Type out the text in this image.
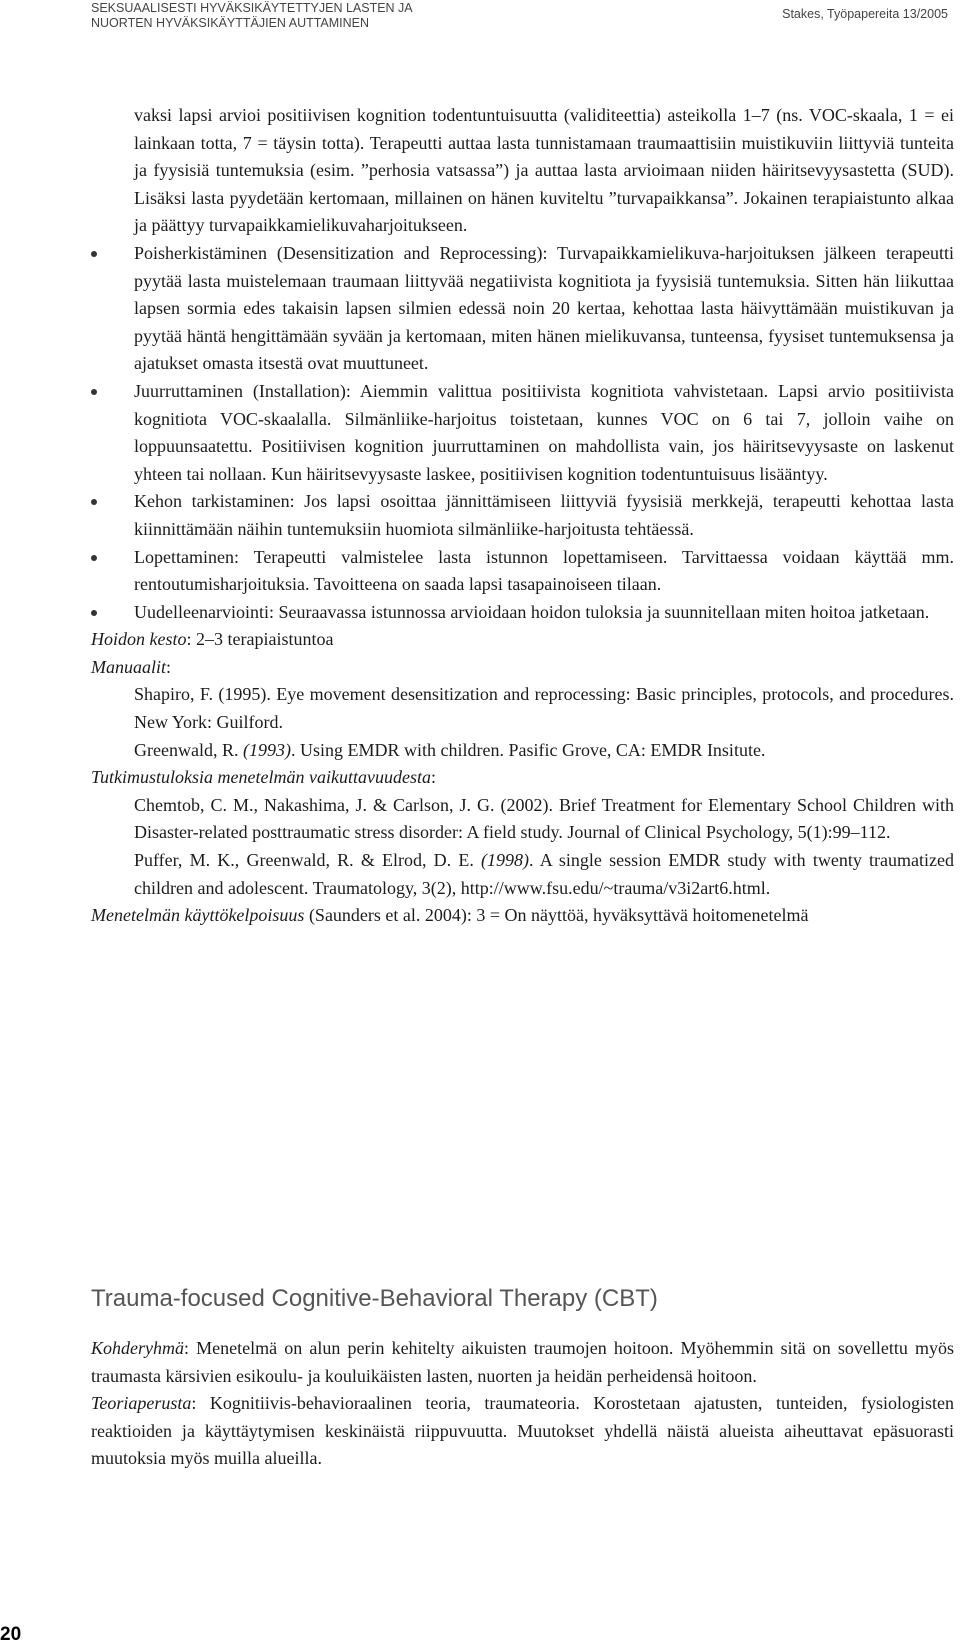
SEKSUAALISESTI HYVÄKSIKÄYTETTYJEN LASTEN JA
NUORTEN HYVÄKSIKÄYTTÄJIEN AUTTAMINEN
Stakes, Työpapereita 13/2005

vaksi lapsi arvioi positiivisen kognition todentuntuisuutta (validiteettia) asteikolla 1–7 (ns. VOC-skaala, 1 = ei lainkaan totta, 7 = täysin totta). Terapeutti auttaa lasta tunnistamaan traumaattisiin muistikuviin liittyviä tunteita ja fyysisiä tuntemuksia (esim. ”perhosia vatsassa”) ja auttaa lasta arvioimaan niiden häiritsevyysastetta (SUD). Lisäksi lasta pyydetään kertomaan, millainen on hänen kuviteltu ”turvapaikkansa”. Jokainen terapiaistunto alkaa ja päättyy turvapaikkamielikuvaharjoitukseen.

Poisherkistäminen (Desensitization and Reprocessing): Turvapaikkamielikuva-harjoituksen jälkeen terapeutti pyytää lasta muistelemaan traumaan liittyvää negatiivista kognitiota ja fyysisiä tuntemuksia. Sitten hän liikuttaa lapsen sormia edes takaisin lapsen silmien edessä noin 20 kertaa, kehottaa lasta häivyttämään muistikuvan ja pyytää häntä hengittämään syvään ja kertomaan, miten hänen mielikuvansa, tunteensa, fyysiset tuntemuksensa ja ajatukset omasta itsestä ovat muuttuneet.
Juurruttaminen (Installation): Aiemmin valittua positiivista kognitiota vahvistetaan. Lapsi arvio positiivista kognitiota VOC-skaalalla. Silmänliike-harjoitus toistetaan, kunnes VOC on 6 tai 7, jolloin vaihe on loppuunsaatettu. Positiivisen kognition juurruttaminen on mahdollista vain, jos häiritsevyysaste on laskenut yhteen tai nollaan. Kun häiritsevyysaste laskee, positiivisen kognition todentuntuisuus lisääntyy.
Kehon tarkistaminen: Jos lapsi osoittaa jännittämiseen liittyviä fyysisiä merkkejä, terapeutti kehottaa lasta kiinnittämään näihin tuntemuksiin huomiota silmänliike-harjoitusta tehtäessä.
Lopettaminen: Terapeutti valmistelee lasta istunnon lopettamiseen. Tarvittaessa voidaan käyttää mm. rentoutumisharjoituksia. Tavoitteena on saada lapsi tasapainoiseen tilaan.
Uudelleenarviointi: Seuraavassa istunnossa arvioidaan hoidon tuloksia ja suunnitellaan miten hoitoa jatketaan.

Hoidon kesto: 2–3 terapiaistuntoa

Manuaalit:

Shapiro, F. (1995). Eye movement desensitization and reprocessing: Basic principles, protocols, and procedures. New York: Guilford.

Greenwald, R. (1993). Using EMDR with children. Pasific Grove, CA: EMDR Insitute.

Tutkimustuloksia menetelmän vaikuttavuudesta:

Chemtob, C. M., Nakashima, J. & Carlson, J. G. (2002). Brief Treatment for Elementary School Children with Disaster-related posttraumatic stress disorder: A field study. Journal of Clinical Psychology, 5(1):99–112.

Puffer, M. K., Greenwald, R. & Elrod, D. E. (1998). A single session EMDR study with twenty traumatized children and adolescent. Traumatology, 3(2), http://www.fsu.edu/~trauma/v3i2art6.html.

Menetelmän käyttökelpoisuus (Saunders et al. 2004): 3 = On näyttöä, hyväksyttävä hoitomenetelmä

Trauma-focused Cognitive-Behavioral Therapy (CBT)

Kohderyhmä: Menetelmä on alun perin kehitelty aikuisten traumojen hoitoon. Myöhemmin sitä on sovellettu myös traumasta kärsivien esikoulu- ja kouluikäisten lasten, nuorten ja heidän perheidensä hoitoon.

Teoriaperusta: Kognitiivis-behavioraalinen teoria, traumateoria. Korostetaan ajatusten, tunteiden, fysiologisten reaktioiden ja käyttäytymisen keskinäistä riippuvuutta. Muutokset yhdellä näistä alueista aiheuttavat epäsuorasti muutoksia myös muilla alueilla.

20
